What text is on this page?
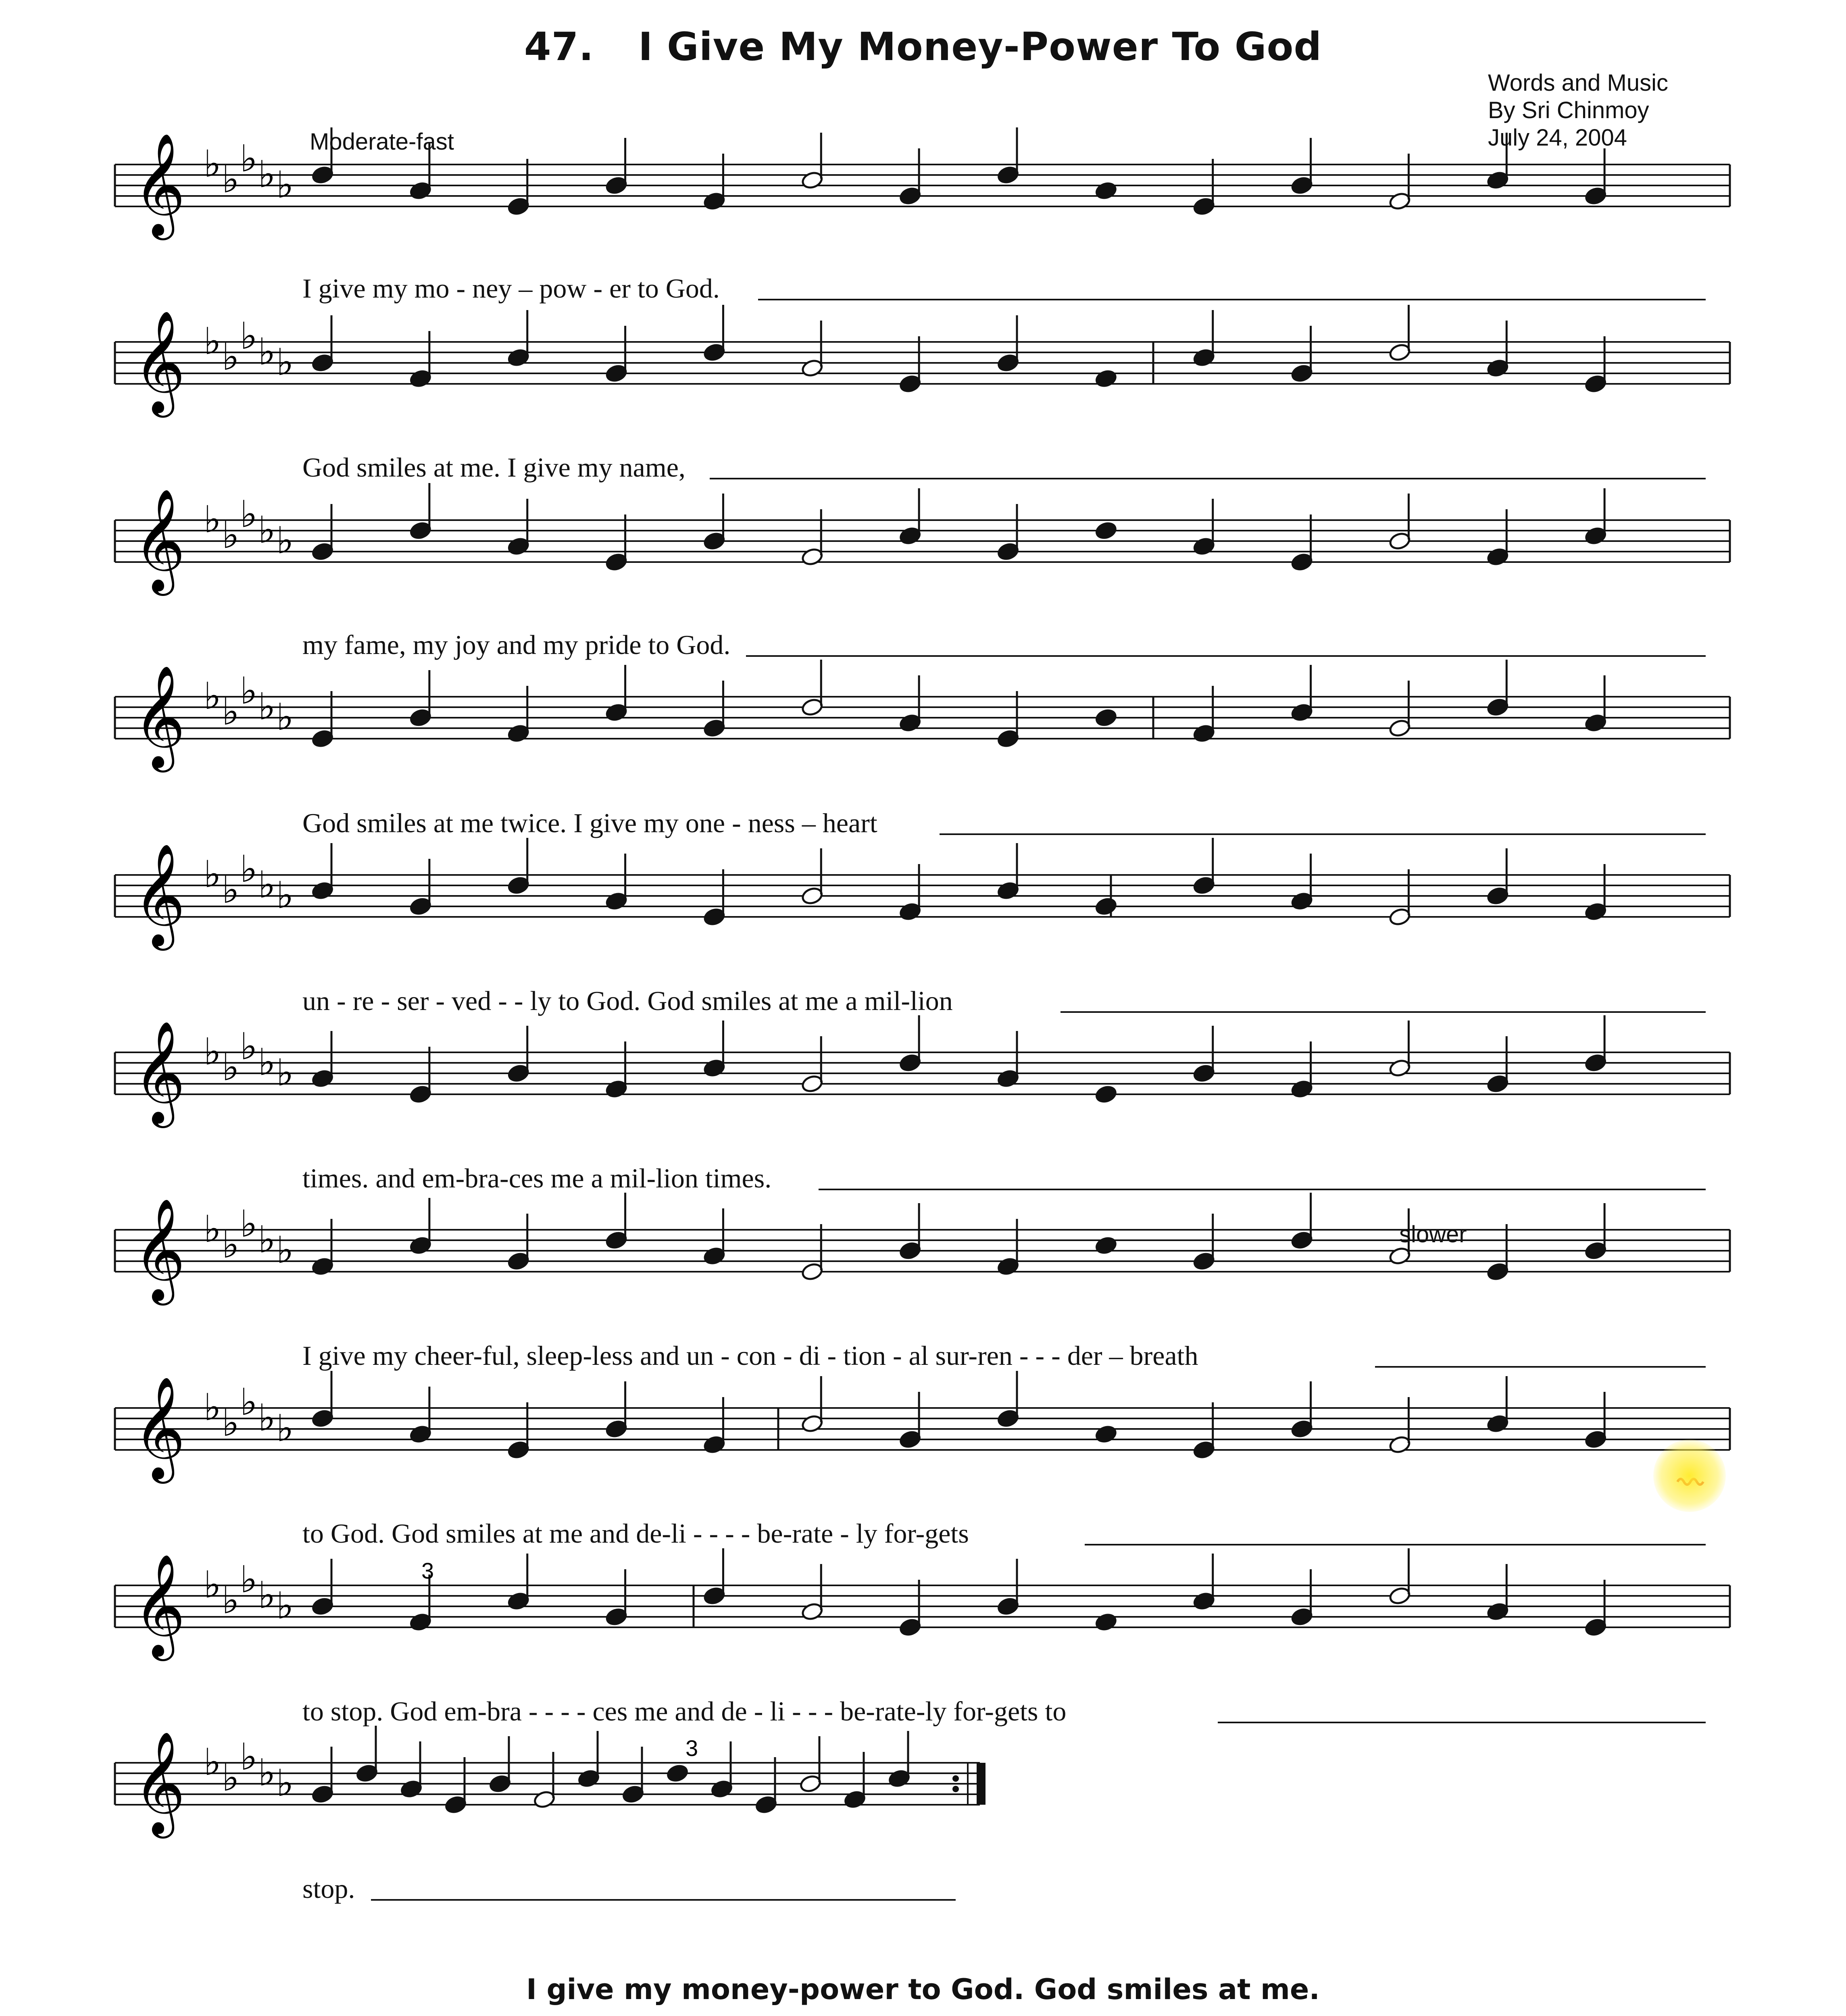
47. I Give My Money-Power To God
Words and Music
By Sri Chinmoy
July 24, 2004
Moderate-fast
slower
𝄞 ♭ ♭ ♭ ♭ ♭
I give my mo - ney – pow - er to God.
𝄞 ♭ ♭ ♭ ♭ ♭
God smiles at me. I give my name,
𝄞 ♭ ♭ ♭ ♭ ♭
my fame, my joy and my pride to God.
𝄞 ♭ ♭ ♭ ♭ ♭
God smiles at me twice. I give my one - ness – heart
𝄞 ♭ ♭ ♭ ♭ ♭
un - re - ser - ved - - ly to God. God smiles at me a mil-lion
𝄞 ♭ ♭ ♭ ♭ ♭
times. and em-bra-ces me a mil-lion times.
𝄞 ♭ ♭ ♭ ♭ ♭
I give my cheer-ful, sleep-less and un - con - di - tion - al sur-ren - - - der – breath
𝄞 ♭ ♭ ♭ ♭ ♭
to God. God smiles at me and de-li - - - - be-rate - ly for-gets
𝄞 ♭ ♭ ♭ ♭ ♭
to stop. God em-bra - - - - ces me and de - li - - - be-rate-ly for-gets to
𝄞 ♭ ♭ ♭ ♭ ♭
stop.
3
3
I give my money-power to God. God smiles at me.
